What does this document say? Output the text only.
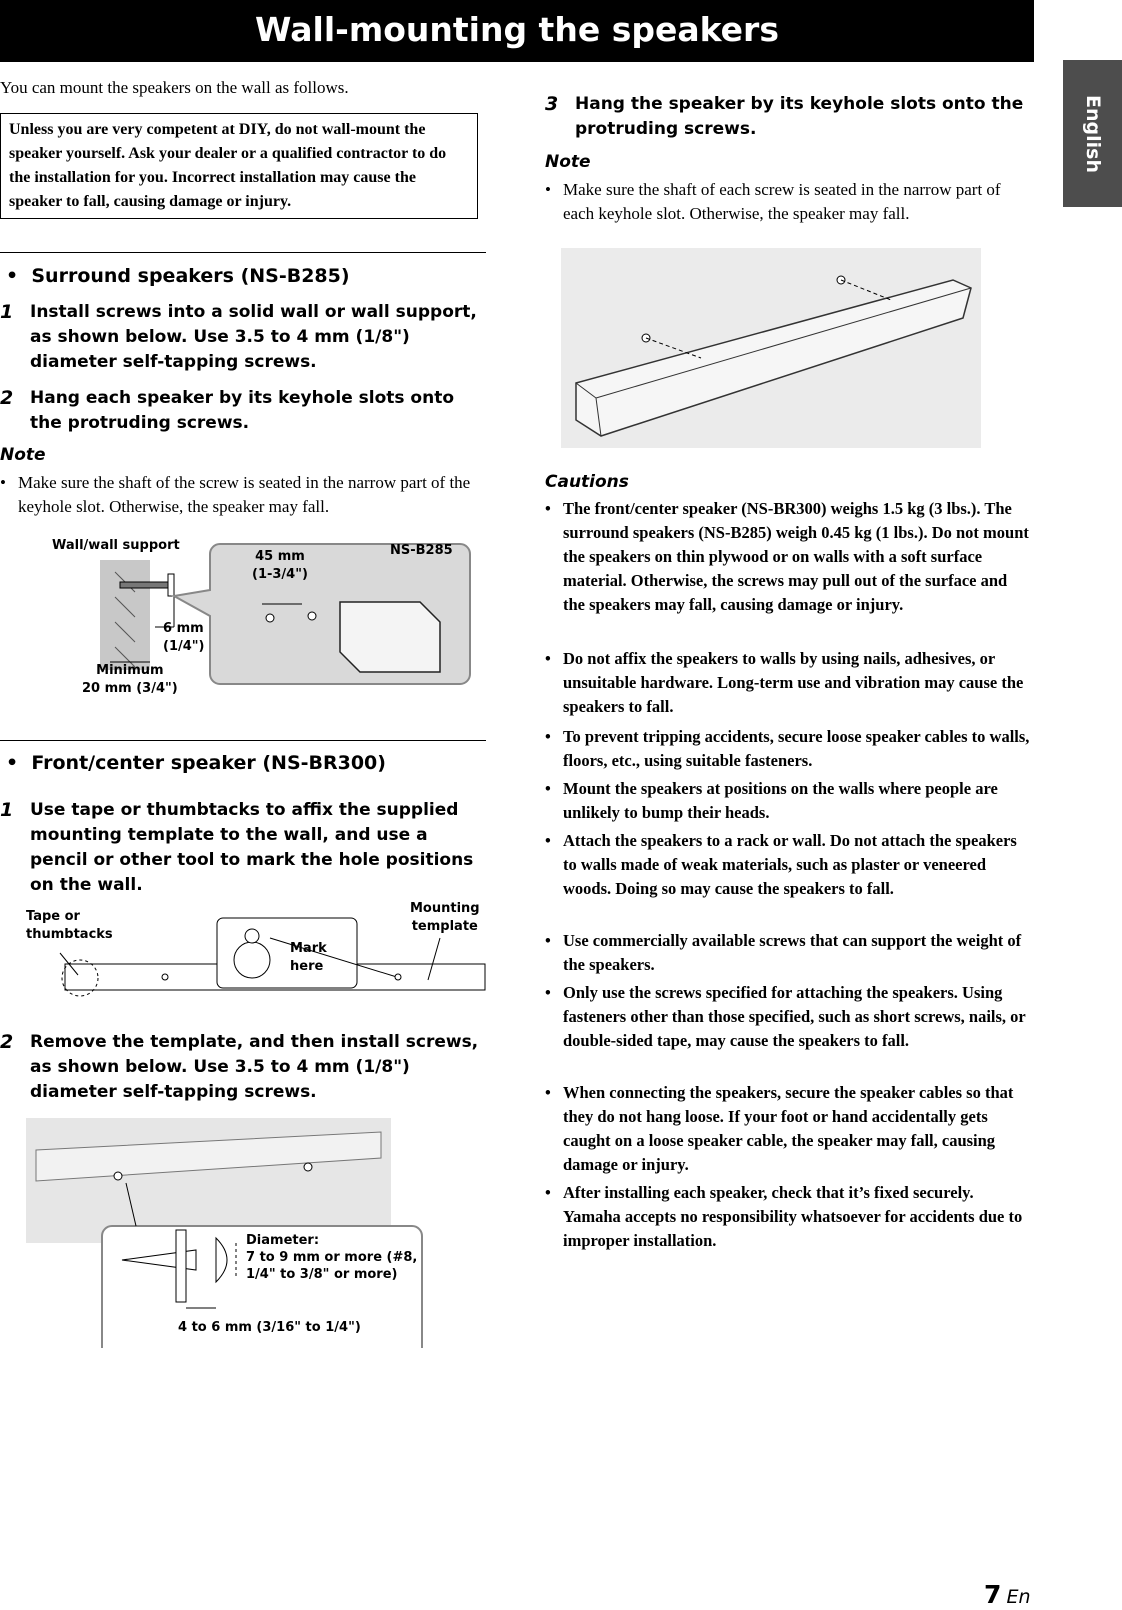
Wall-mounting the speakers
English
You can mount the speakers on the wall as follows.
Unless you are very competent at DIY, do not wall-mount the speaker yourself. Ask your dealer or a qualified contractor to do the installation for you. Incorrect installation may cause the speaker to fall, causing damage or injury.
•  Surround speakers (NS-B285)
1 Install screws into a solid wall or wall support, as shown below. Use 3.5 to 4 mm (1/8") diameter self-tapping screws.
2 Hang each speaker by its keyhole slots onto the protruding screws.
Note
• Make sure the shaft of the screw is seated in the narrow part of the keyhole slot. Otherwise, the speaker may fall.
Wall/wall support
6 mm
(1/4")
Minimum
20 mm (3/4")
45 mm
(1-3/4")
NS-B285
•  Front/center speaker (NS-BR300)
1 Use tape or thumbtacks to affix the supplied mounting template to the wall, and use a pencil or other tool to mark the hole positions on the wall.
Tape or
thumbtacks
Mounting
template
Mark
here
2 Remove the template, and then install screws, as shown below. Use 3.5 to 4 mm (1/8") diameter self-tapping screws.
Diameter:
7 to 9 mm or more (#8,
1/4" to 3/8" or more)
4 to 6 mm (3/16" to 1/4")
3 Hang the speaker by its keyhole slots onto the protruding screws.
Note
• Make sure the shaft of each screw is seated in the narrow part of each keyhole slot. Otherwise, the speaker may fall.
Cautions
• The front/center speaker (NS-BR300) weighs 1.5 kg (3 lbs.). The surround speakers (NS-B285) weigh 0.45 kg (1 lbs.). Do not mount the speakers on thin plywood or on walls with a soft surface material. Otherwise, the screws may pull out of the surface and the speakers may fall, causing damage or injury.
• Do not affix the speakers to walls by using nails, adhesives, or unsuitable hardware. Long-term use and vibration may cause the speakers to fall.
• To prevent tripping accidents, secure loose speaker cables to walls, floors, etc., using suitable fasteners.
• Mount the speakers at positions on the walls where people are unlikely to bump their heads.
• Attach the speakers to a rack or wall. Do not attach the speakers to walls made of weak materials, such as plaster or veneered woods. Doing so may cause the speakers to fall.
• Use commercially available screws that can support the weight of the speakers.
• Only use the screws specified for attaching the speakers. Using fasteners other than those specified, such as short screws, nails, or double-sided tape, may cause the speakers to fall.
• When connecting the speakers, secure the speaker cables so that they do not hang loose. If your foot or hand accidentally gets caught on a loose speaker cable, the speaker may fall, causing damage or injury.
• After installing each speaker, check that it’s fixed securely. Yamaha accepts no responsibility whatsoever for accidents due to improper installation.
7 En
